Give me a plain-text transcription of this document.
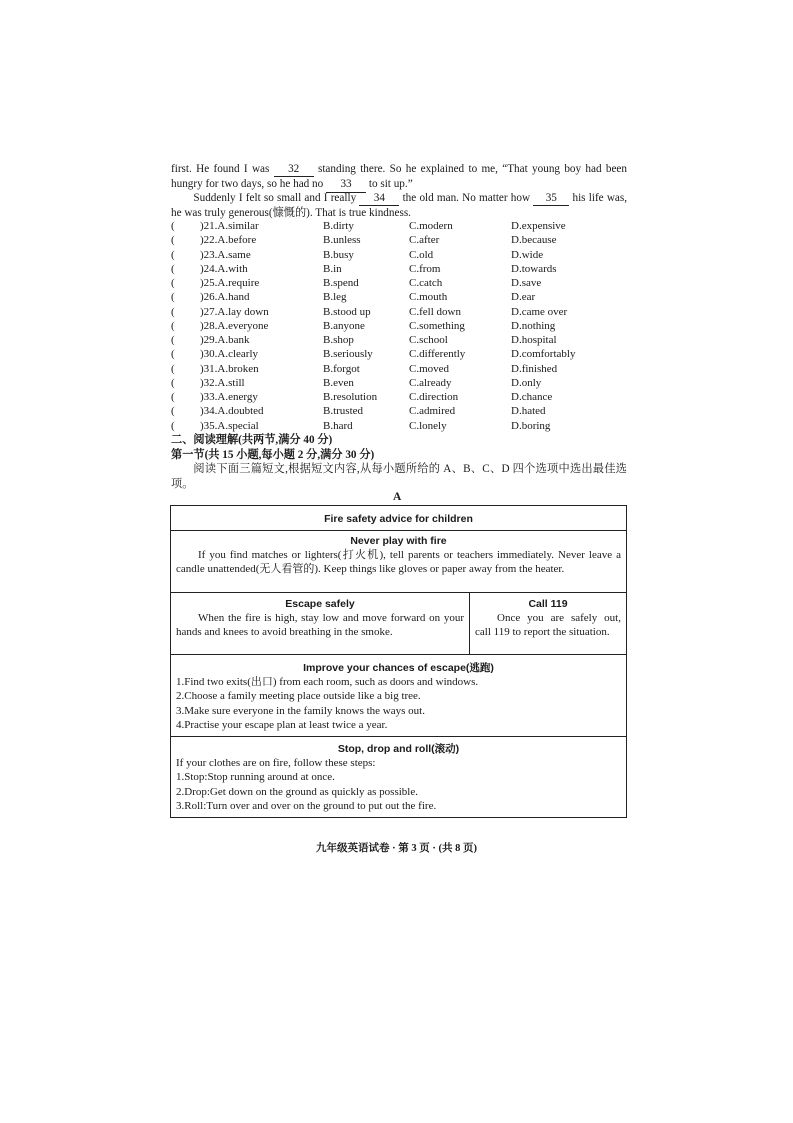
first. He found I was 32 standing there. So he explained to me, “That young boy had been hungry for two days, so he had no 33 to sit up.”
Suddenly I felt so small and I really 34 the old man. No matter how 35 his life was, he was truly generous(慷慨的). That is true kindness.
( )21.A.similar	B.dirty	C.modern	D.expensive
( )22.A.before	B.unless	C.after	D.because
( )23.A.same	B.busy	C.old	D.wide
( )24.A.with	B.in	C.from	D.towards
( )25.A.require	B.spend	C.catch	D.save
( )26.A.hand	B.leg	C.mouth	D.ear
( )27.A.lay down	B.stood up	C.fell down	D.came over
( )28.A.everyone	B.anyone	C.something	D.nothing
( )29.A.bank	B.shop	C.school	D.hospital
( )30.A.clearly	B.seriously	C.differently	D.comfortably
( )31.A.broken	B.forgot	C.moved	D.finished
( )32.A.still	B.even	C.already	D.only
( )33.A.energy	B.resolution	C.direction	D.chance
( )34.A.doubted	B.trusted	C.admired	D.hated
( )35.A.special	B.hard	C.lonely	D.boring
二、阅读理解(共两节,满分 40 分)
第一节(共 15 小题,每小题 2 分,满分 30 分)
阅读下面三篇短文,根据短文内容,从每小题所给的 A、B、C、D 四个选项中选出最佳选项。
A
Fire safety advice for children
Never play with fire
If you find matches or lighters(打火机), tell parents or teachers immediately. Never leave a candle unattended(无人看管的). Keep things like gloves or paper away from the heater.
Escape safely
When the fire is high, stay low and move forward on your hands and knees to avoid breathing in the smoke.
Call 119
Once you are safely out, call 119 to report the situation.
Improve your chances of escape(逃跑)
1.Find two exits(出口) from each room, such as doors and windows.
2.Choose a family meeting place outside like a big tree.
3.Make sure everyone in the family knows the ways out.
4.Practise your escape plan at least twice a year.
Stop, drop and roll(滚动)
If your clothes are on fire, follow these steps:
1.Stop:Stop running around at once.
2.Drop:Get down on the ground as quickly as possible.
3.Roll:Turn over and over on the ground to put out the fire.
九年级英语试卷 · 第 3 页 · (共 8 页)
